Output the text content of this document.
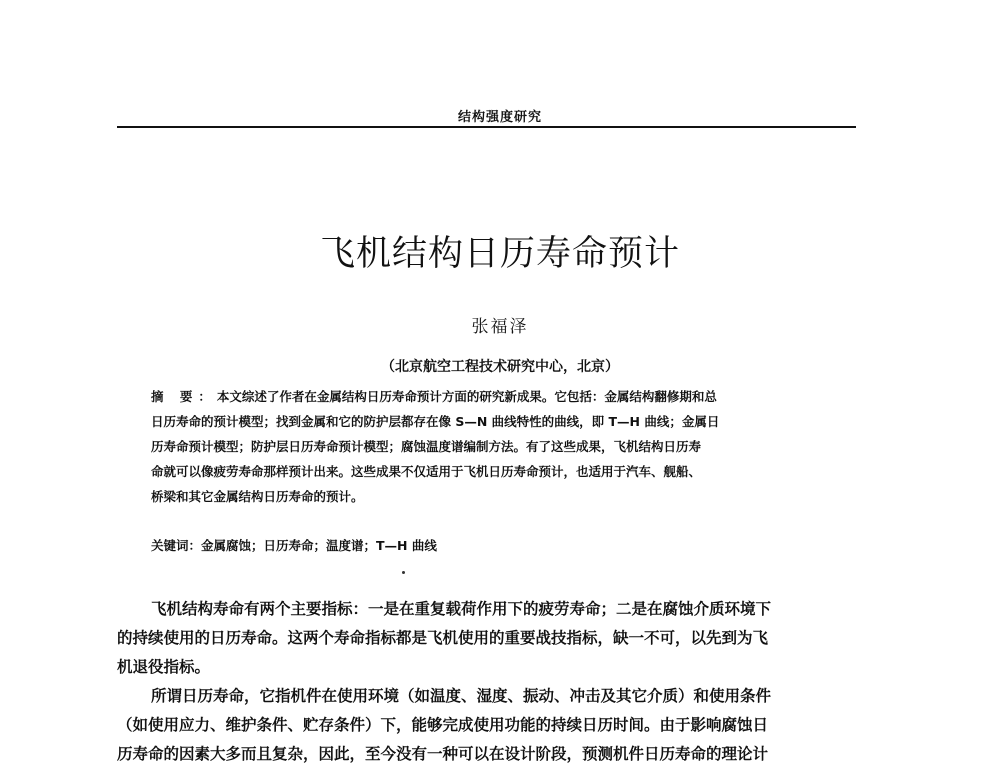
结构强度研究
飞机结构日历寿命预计
张福泽
（北京航空工程技术研究中心，北京）
摘 要：本文综述了作者在金属结构日历寿命预计方面的研究新成果。它包括：金属结构翻修期和总
日历寿命的预计模型；找到金属和它的防护层都存在像 S—N 曲线特性的曲线，即 T—H 曲线；金属日
历寿命预计模型；防护层日历寿命预计模型；腐蚀温度谱编制方法。有了这些成果，飞机结构日历寿
命就可以像疲劳寿命那样预计出来。这些成果不仅适用于飞机日历寿命预计，也适用于汽车、舰船、
桥梁和其它金属结构日历寿命的预计。
关键词：金属腐蚀；日历寿命；温度谱；T—H 曲线
飞机结构寿命有两个主要指标：一是在重复载荷作用下的疲劳寿命；二是在腐蚀介质环境下
的持续使用的日历寿命。这两个寿命指标都是飞机使用的重要战技指标，缺一不可，以先到为飞
机退役指标。
所谓日历寿命，它指机件在使用环境（如温度、湿度、振动、冲击及其它介质）和使用条件
（如使用应力、维护条件、贮存条件）下，能够完成使用功能的持续日历时间。由于影响腐蚀日
历寿命的因素大多而且复杂，因此，至今没有一种可以在设计阶段，预测机件日历寿命的理论计
